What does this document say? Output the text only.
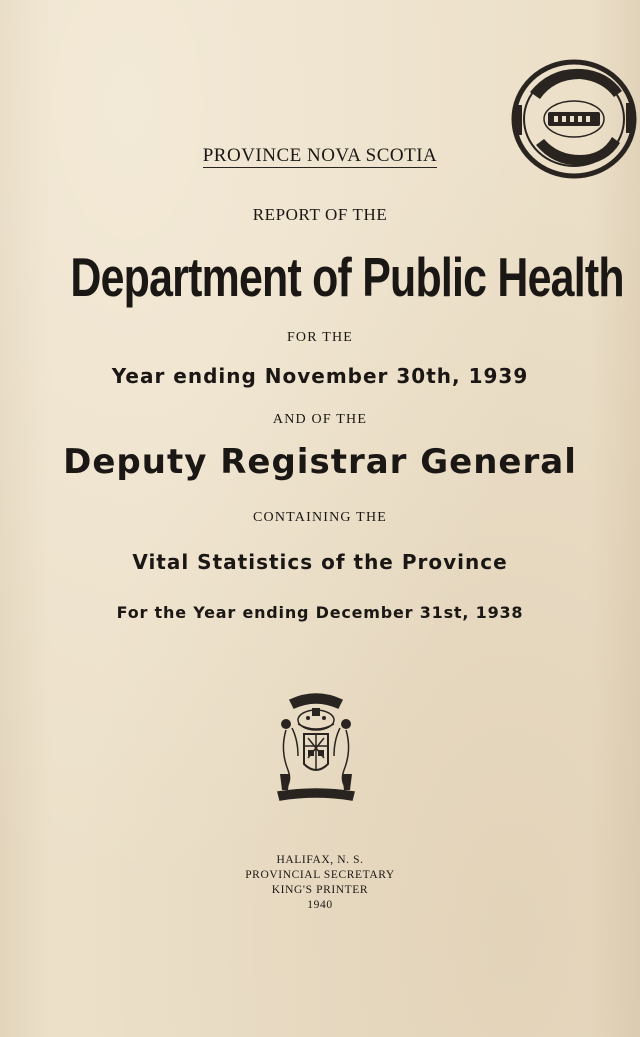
PROVINCE NOVA SCOTIA
REPORT OF THE
Department of Public Health
FOR THE
Year ending November 30th, 1939
AND OF THE
Deputy Registrar General
CONTAINING THE
Vital Statistics of the Province
For the Year ending December 31st, 1938
HALIFAX, N. S.
PROVINCIAL SECRETARY
KING'S PRINTER
1940
